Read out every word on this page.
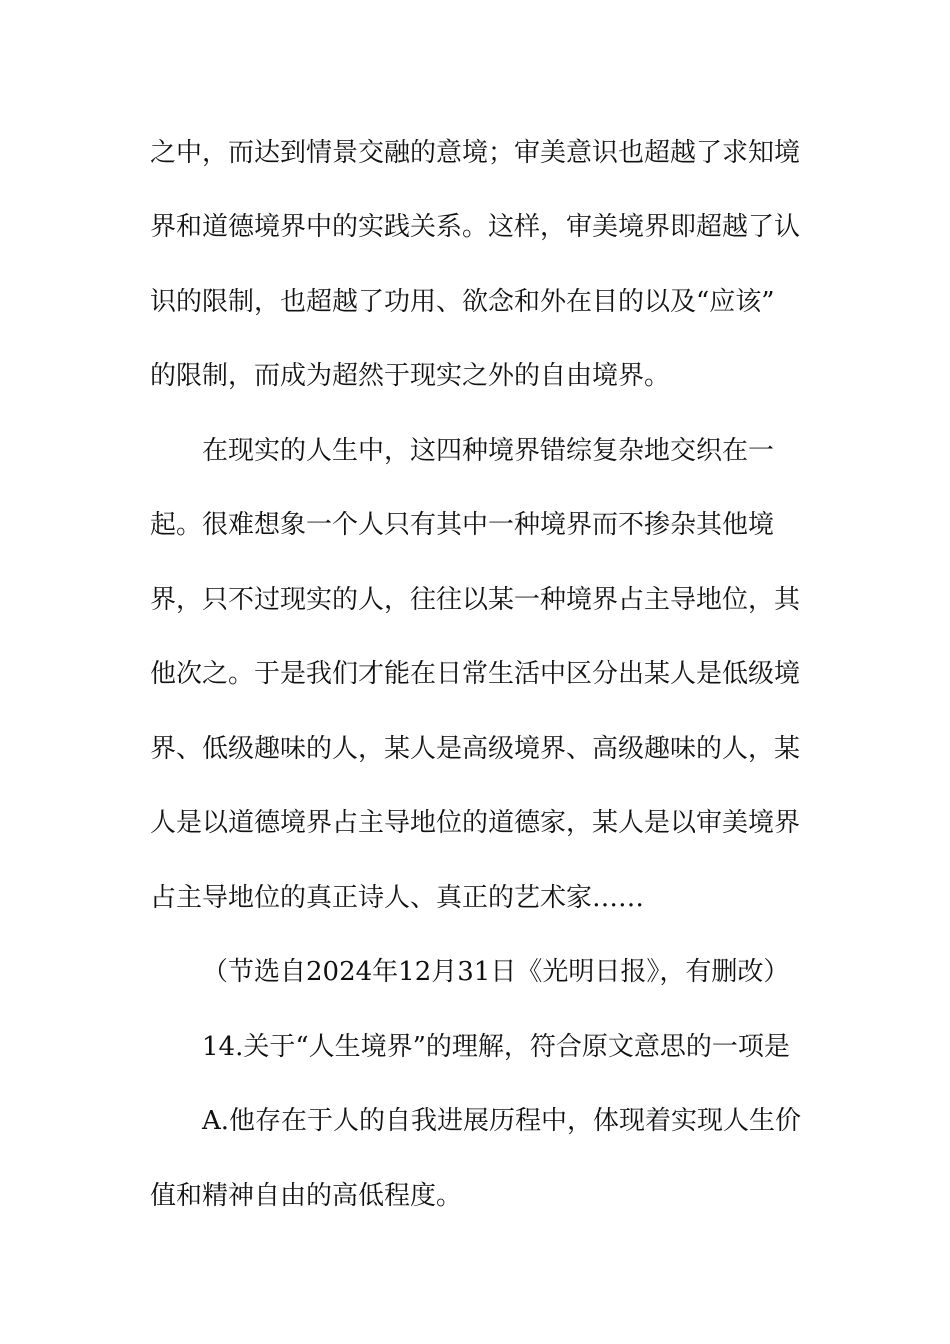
之中，而达到情景交融的意境；审美意识也超越了求知境
界和道德境界中的实践关系。这样，审美境界即超越了认
识的限制，也超越了功用、欲念和外在目的以及“应该”
的限制，而成为超然于现实之外的自由境界。
在现实的人生中，这四种境界错综复杂地交织在一
起。很难想象一个人只有其中一种境界而不掺杂其他境
界，只不过现实的人，往往以某一种境界占主导地位，其
他次之。于是我们才能在日常生活中区分出某人是低级境
界、低级趣味的人，某人是高级境界、高级趣味的人，某
人是以道德境界占主导地位的道德家，某人是以审美境界
占主导地位的真正诗人、真正的艺术家……
（节选自2024年12月31日《光明日报》，有删改）
14.关于“人生境界”的理解，符合原文意思的一项是
A.他存在于人的自我进展历程中，体现着实现人生价
值和精神自由的高低程度。
